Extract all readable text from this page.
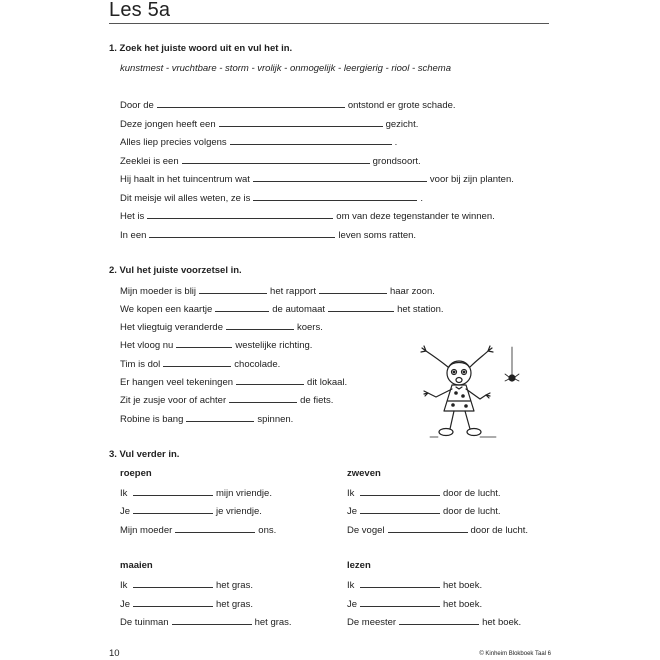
Les 5a
1. Zoek het juiste woord uit en vul het in.
kunstmest - vruchtbare - storm - vrolijk - onmogelijk - leergierig - riool - schema
Door de	ontstond er grote schade.
Deze jongen heeft een	gezicht.
Alles liep precies volgens	.
Zeeklei is een	grondsoort.
Hij haalt in het tuincentrum wat	voor bij zijn planten.
Dit meisje wil alles weten, ze is	.
Het is	om van deze tegenstander te winnen.
In een	leven soms ratten.
2. Vul het juiste voorzetsel in.
Mijn moeder is blij	het rapport	haar zoon.
We kopen een kaartje	de automaat	het station.
Het vliegtuig veranderde	koers.
Het vloog nu	westelijke richting.
Tim is dol	chocolade.
Er hangen veel tekeningen	dit lokaal.
Zit je zusje voor of achter	de fiets.
Robine is bang	spinnen.
3. Vul verder in.
roepen
Ik	mijn vriendje.
Je	je vriendje.
Mijn moeder	ons.
zweven
Ik	door de lucht.
Je	door de lucht.
De vogel	door de lucht.
maaien
Ik	het gras.
Je	het gras.
De tuinman	het gras.
lezen
Ik	het boek.
Je	het boek.
De meester	het boek.
10	© Kinheim Blokboek Taal 6
